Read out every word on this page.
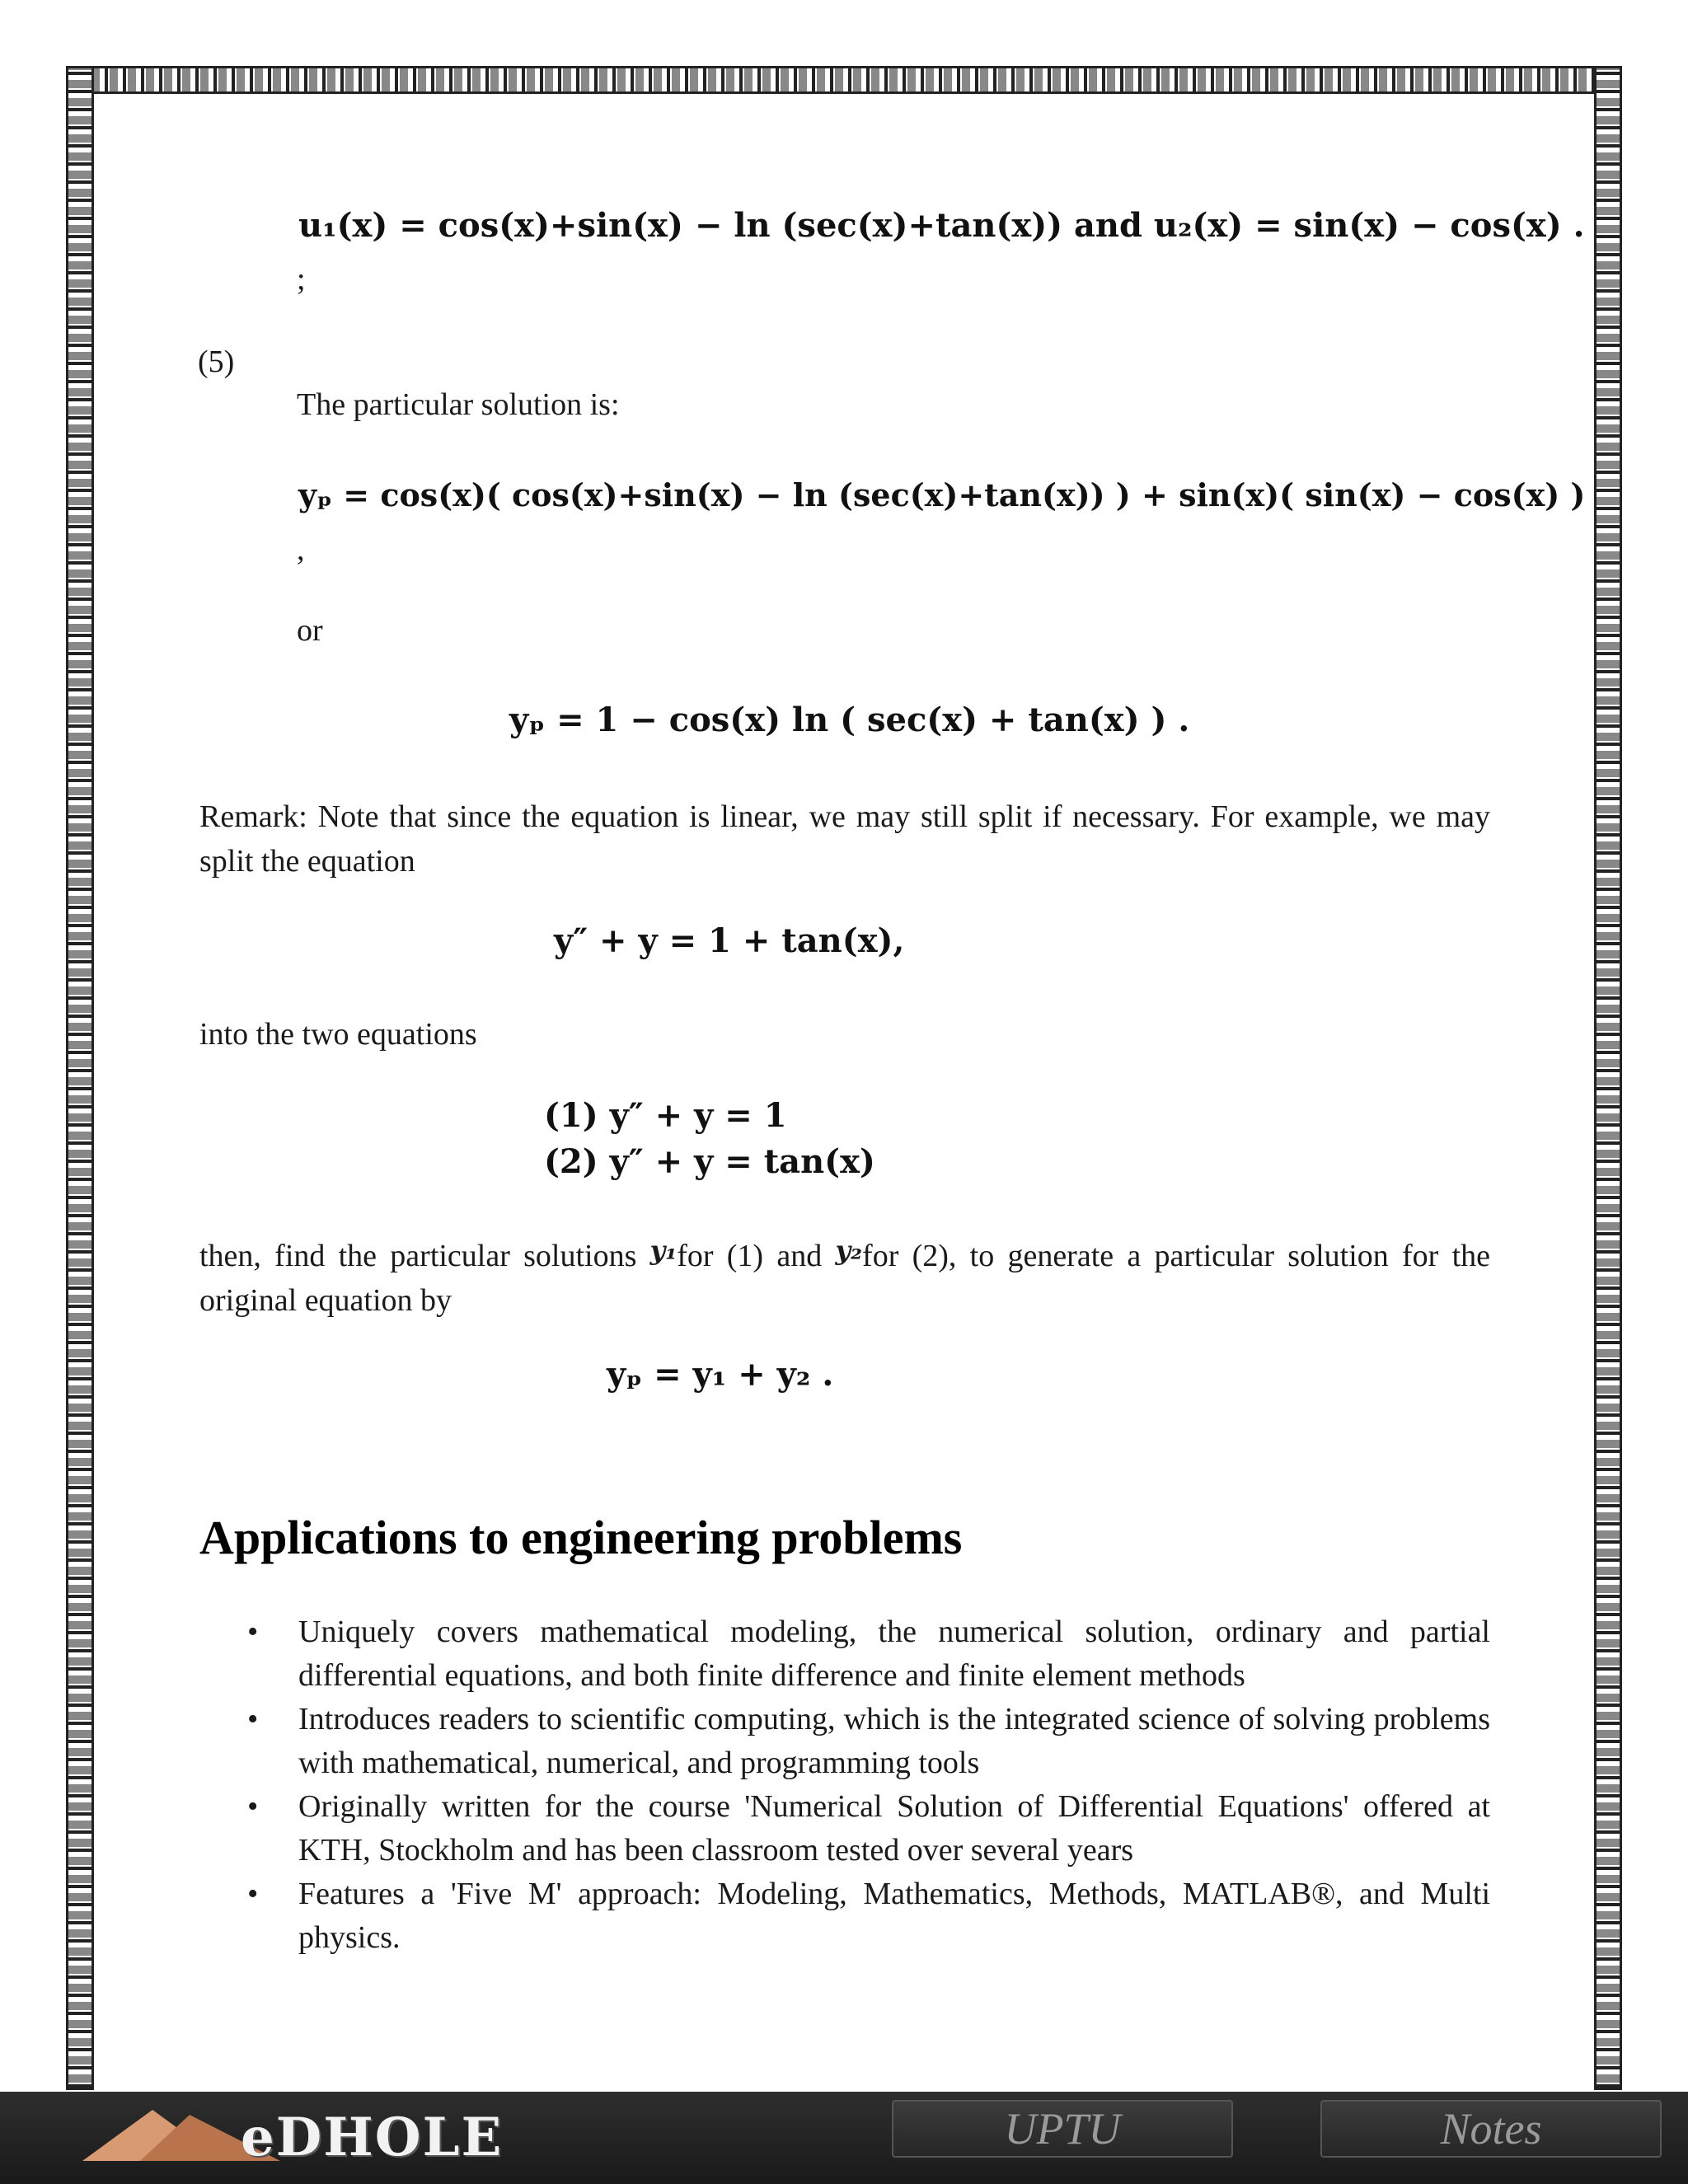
u₁(x) = cos(x)+sin(x) − ln (sec(x)+tan(x)) and u₂(x) = sin(x) − cos(x) .
;
(5)
The particular solution is:
yₚ = cos(x)( cos(x)+sin(x) − ln (sec(x)+tan(x)) ) + sin(x)( sin(x) − cos(x) )
,
or
yₚ = 1 − cos(x) ln ( sec(x) + tan(x) ) .
Remark: Note that since the equation is linear, we may still split if necessary. For example, we may split the equation
y″ + y = 1 + tan(x),
into the two equations
(1) y″ + y = 1
(2) y″ + y = tan(x)
then, find the particular solutions $^{y_1}$for (1) and $^{y_2}$for (2), to generate a particular solution for the original equation by
yₚ = y₁ + y₂ .
Applications to engineering problems
• Uniquely covers mathematical modeling, the numerical solution, ordinary and partial differential equations, and both finite difference and finite element methods
• Introduces readers to scientific computing, which is the integrated science of solving problems with mathematical, numerical, and programming tools
• Originally written for the course 'Numerical Solution of Differential Equations' offered at KTH, Stockholm and has been classroom tested over several years
• Features a 'Five M' approach: Modeling, Mathematics, Methods, MATLAB®, and Multi physics.
eDHOLE	UPTU	Notes
